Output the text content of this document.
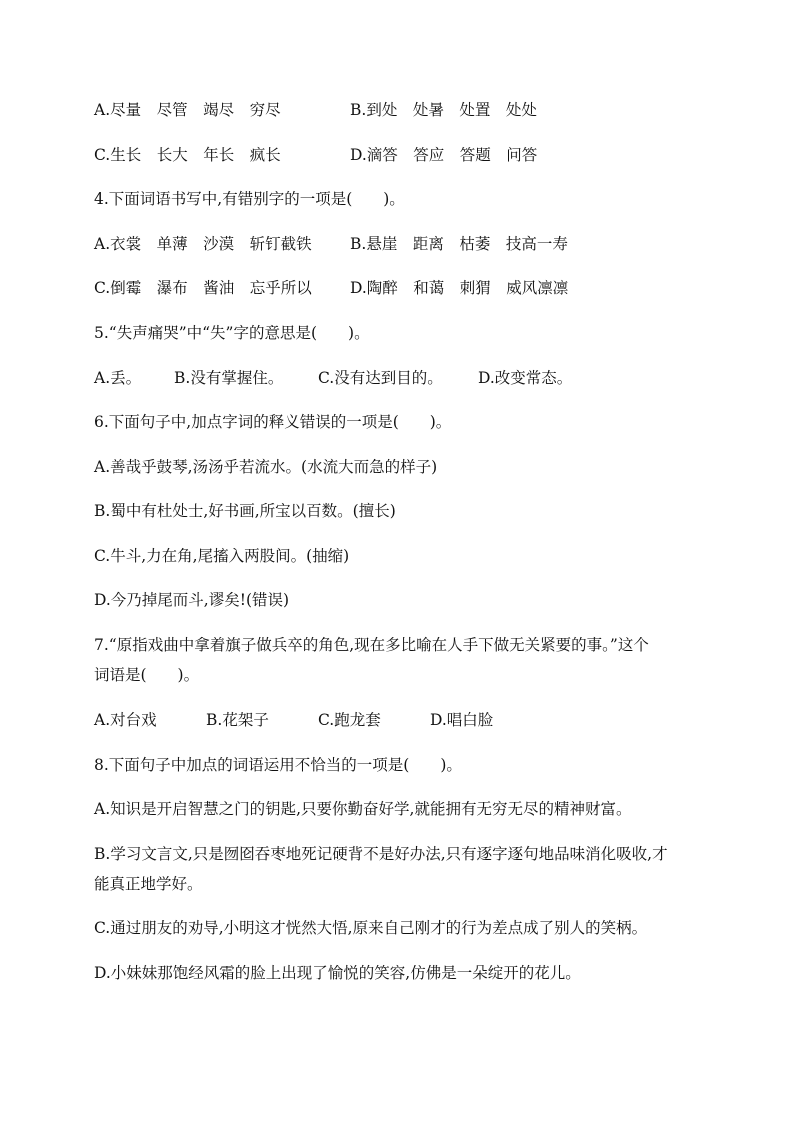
A.尽量　尽管　竭尽　穷尽	B.到处　处暑　处置　处处
C.生长　长大　年长　疯长	D.滴答　答应　答题　问答
4.下面词语书写中,有错别字的一项是(　　)。
A.衣裳　单薄　沙漠　斩钉截铁	B.悬崖　距离　枯萎　技高一寿
C.倒霉　瀑布　酱油　忘乎所以	D.陶醉　和蔼　刺猬　威风凛凛
5.“失声痛哭”中“失”字的意思是(　　)。
A.丢。 B.没有掌握住。 C.没有达到目的。 D.改变常态。
6.下面句子中,加点字词的释义错误的一项是(　　)。
A.善哉乎鼓琴,汤汤乎若流水。(水流大而急的样子)
B.蜀中有杜处士,好书画,所宝以百数。(擅长)
C.牛斗,力在角,尾搐入两股间。(抽缩)
D.今乃掉尾而斗,谬矣!(错误)
7.“原指戏曲中拿着旗子做兵卒的角色,现在多比喻在人手下做无关紧要的事。”这个
词语是(　　)。
A.对台戏	B.花架子	C.跑龙套	D.唱白脸
8.下面句子中加点的词语运用不恰当的一项是(　　)。
A.知识是开启智慧之门的钥匙,只要你勤奋好学,就能拥有无穷无尽的精神财富。
B.学习文言文,只是囫囵吞枣地死记硬背不是好办法,只有逐字逐句地品味消化吸收,才
能真正地学好。
C.通过朋友的劝导,小明这才恍然大悟,原来自己刚才的行为差点成了别人的笑柄。
D.小妹妹那饱经风霜的脸上出现了愉悦的笑容,仿佛是一朵绽开的花儿。
